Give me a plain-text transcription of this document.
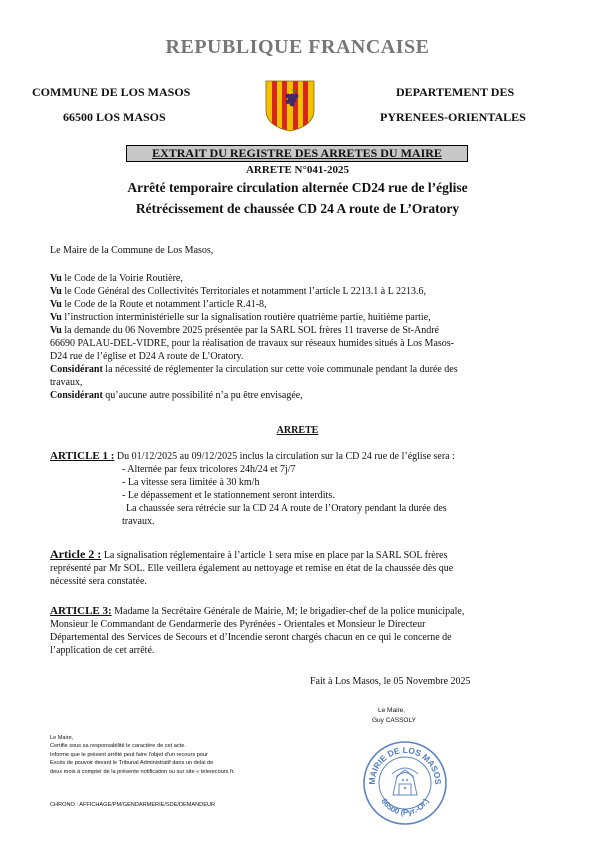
REPUBLIQUE FRANCAISE
COMMUNE DE LOS MASOS
66500 LOS MASOS
DEPARTEMENT DES
PYRENEES-ORIENTALES
EXTRAIT DU REGISTRE DES ARRETES DU MAIRE
ARRETE N°041-2025
Arrêté temporaire circulation alternée CD24 rue de l’église
Rétrécissement de chaussée CD 24 A route de L’Oratory
Le Maire de la Commune de Los Masos,
Vu le Code de la Voirie Routière,
Vu le Code Général des Collectivités Territoriales et notamment l’article L 2213.1 à L 2213.6,
Vu le Code de la Route et notamment l’article R.41-8,
Vu l’instruction interministérielle sur la signalisation routière quatrième partie, huitième partie,
Vu la demande du 06 Novembre 2025 présentée par la SARL SOL frères 11 traverse de St-André
66690 PALAU-DEL-VIDRE, pour la réalisation de travaux sur réseaux humides situés à Los Masos-
D24 rue de l’église et D24 A route de L’Oratory.
Considérant la nécessité de réglementer la circulation sur cette voie communale pendant la durée des
travaux,
Considérant qu’aucune autre possibilité n’a pu être envisagée,
ARRETE
ARTICLE 1 : Du 01/12/2025 au 09/12/2025 inclus la circulation sur la CD 24 rue de l’église sera :
- Alternée par feux tricolores 24h/24 et 7j/7
- La vitesse sera limitée à 30 km/h
- Le dépassement et le stationnement seront interdits.
La chaussée sera rétrécie sur la CD 24 A route de l’Oratory pendant la durée des
travaux.
Article 2 : La signalisation réglementaire à l’article 1 sera mise en place par la SARL SOL frères
représenté par Mr SOL. Elle veillera également au nettoyage et remise en état de la chaussée dès que
nécessité sera constatée.
ARTICLE 3: Madame la Secrétaire Générale de Mairie, M; le brigadier-chef de la police municipale,
Monsieur le Commandant de Gendarmerie des Pyrénées - Orientales et Monsieur le Directeur
Départemental des Services de Secours et d’Incendie seront chargés chacun en ce qui le concerne de
l’application de cet arrêté.
Fait à Los Masos, le 05 Novembre 2025
Le Maire,
Guy CASSOLY
Le Maire,
Certifie sous sa responsabilité le caractère de cet acte.
Informe que le présent arrêté peut faire l'objet d'un recours pour
Excès de pouvoir devant le Tribunal Administratif dans un delai de
deux mois à compter de la présente notification ou sur site « telerecours fr.
CHRONO : AFFICHAGE/PM/GENDARMERIE/SDE/DEMANDEUR
MAIRIE DE LOS MASOS
66500 (Pyr.-Or.)
